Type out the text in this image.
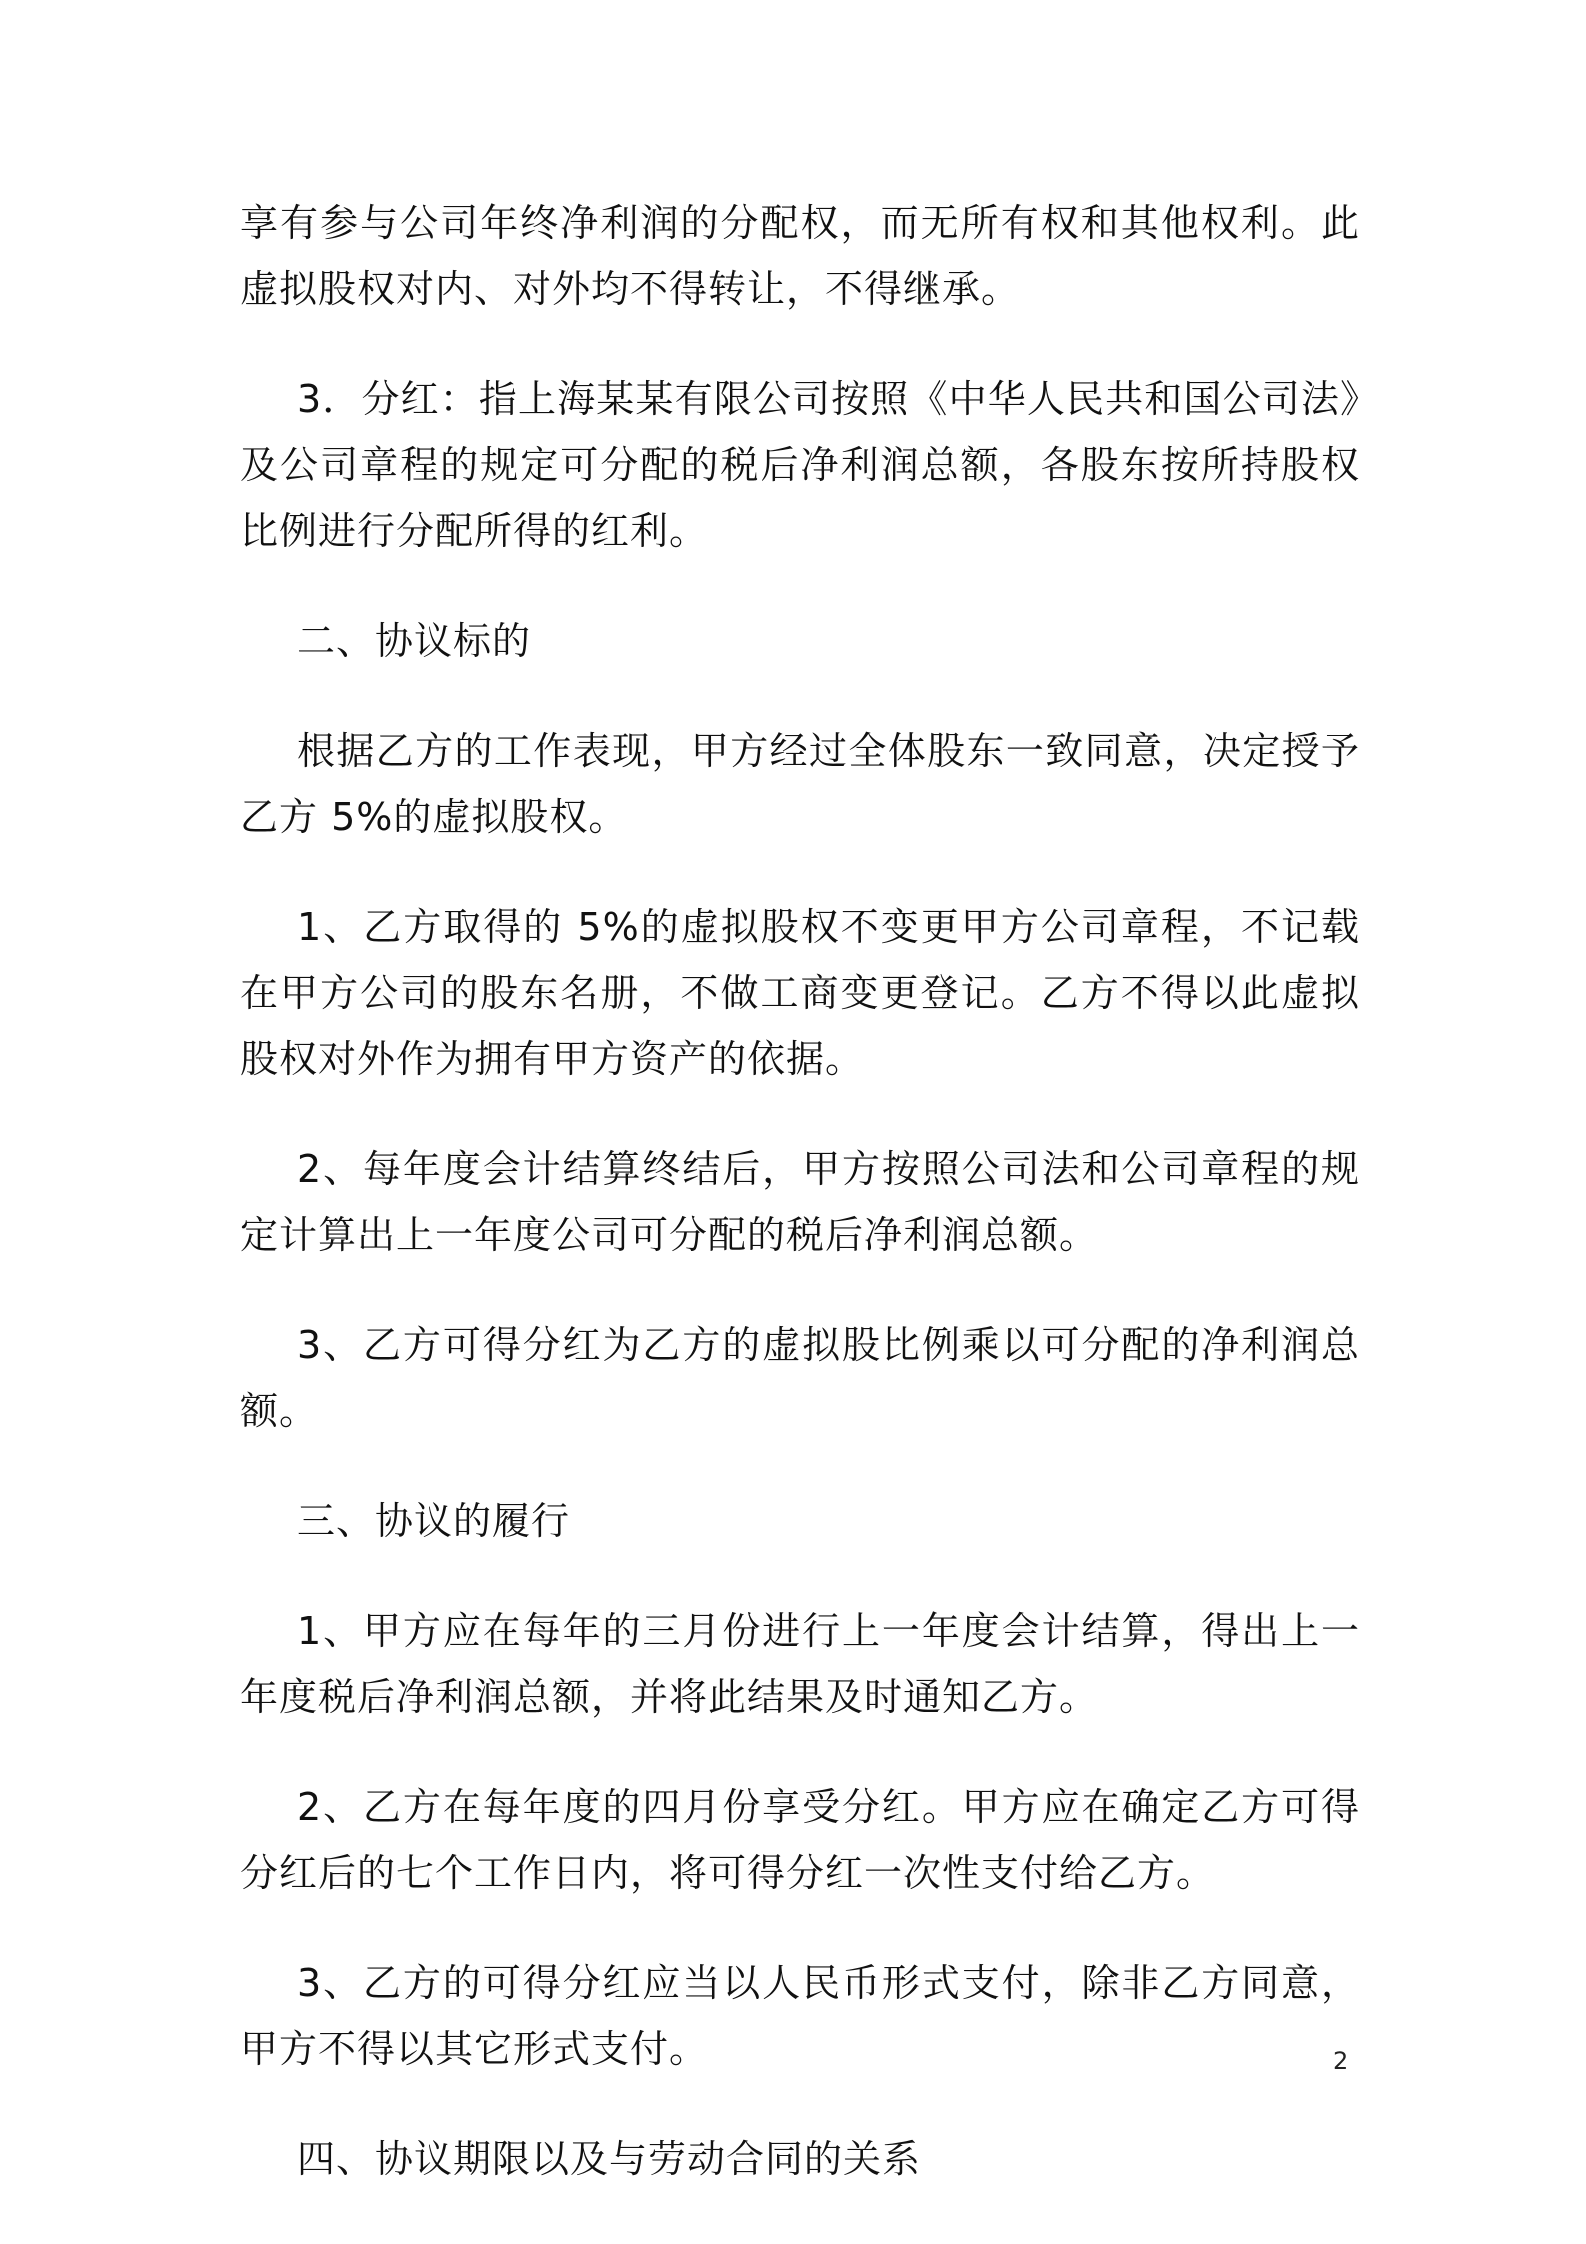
享有参与公司年终净利润的分配权，而无所有权和其他权利。此虚拟股权对内、对外均不得转让，不得继承。

3．分红：指上海某某有限公司按照《中华人民共和国公司法》及公司章程的规定可分配的税后净利润总额，各股东按所持股权比例进行分配所得的红利。

二、协议标的

根据乙方的工作表现，甲方经过全体股东一致同意，决定授予乙方 5%的虚拟股权。

1、乙方取得的 5%的虚拟股权不变更甲方公司章程，不记载在甲方公司的股东名册，不做工商变更登记。乙方不得以此虚拟股权对外作为拥有甲方资产的依据。

2、每年度会计结算终结后，甲方按照公司法和公司章程的规定计算出上一年度公司可分配的税后净利润总额。

3、乙方可得分红为乙方的虚拟股比例乘以可分配的净利润总额。

三、协议的履行

1、甲方应在每年的三月份进行上一年度会计结算，得出上一年度税后净利润总额，并将此结果及时通知乙方。

2、乙方在每年度的四月份享受分红。甲方应在确定乙方可得分红后的七个工作日内，将可得分红一次性支付给乙方。

3、乙方的可得分红应当以人民币形式支付，除非乙方同意，甲方不得以其它形式支付。

四、协议期限以及与劳动合同的关系

2
